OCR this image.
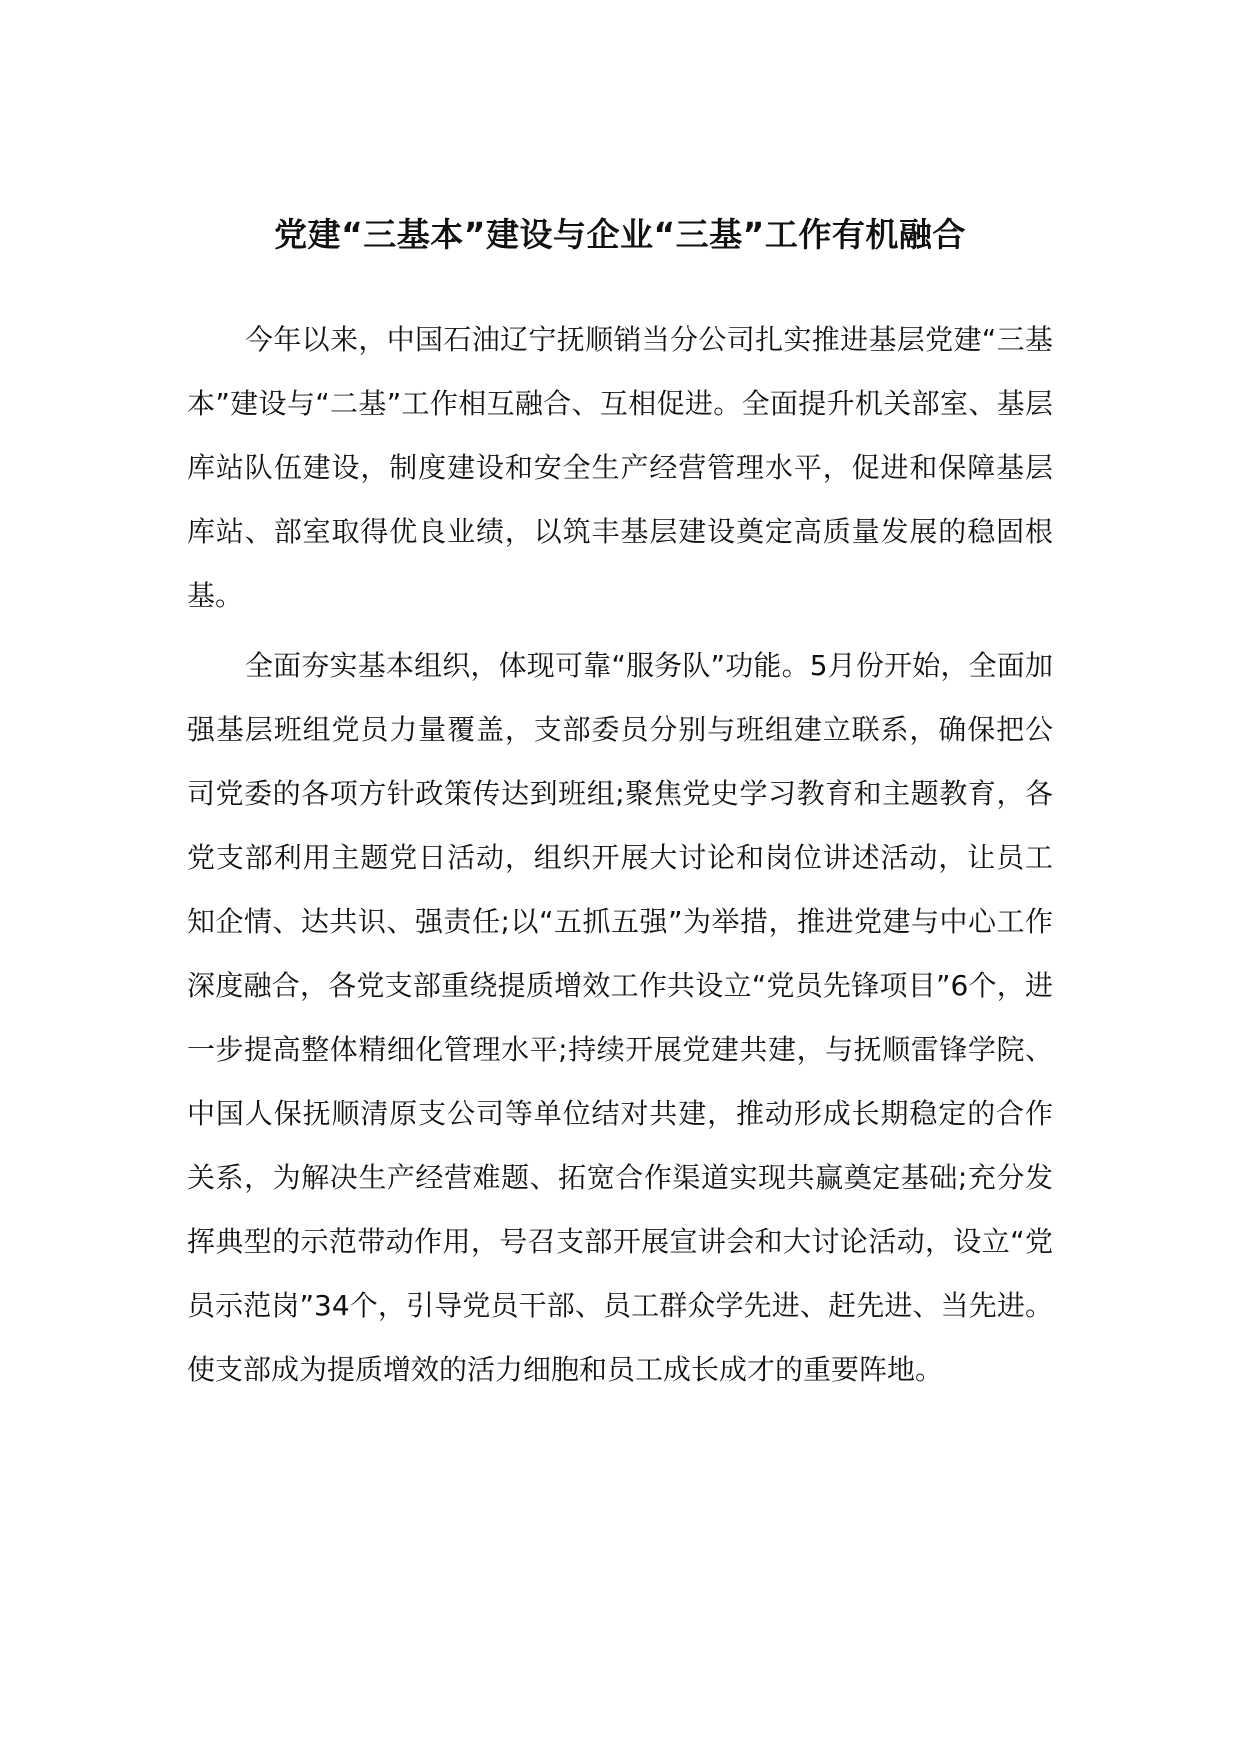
党建“三基本”建设与企业“三基”工作有机融合

今年以来，中国石油辽宁抚顺销当分公司扎实推进基层党建“三基本”建设与“二基”工作相互融合、互相促进。全面提升机关部室、基层库站队伍建设，制度建设和安全生产经营管理水平，促进和保障基层库站、部室取得优良业绩，以筑丰基层建设奠定高质量发展的稳固根基。

全面夯实基本组织，体现可靠“服务队”功能。5月份开始，全面加强基层班组党员力量覆盖，支部委员分别与班组建立联系，确保把公司党委的各项方针政策传达到班组;聚焦党史学习教育和主题教育，各党支部利用主题党日活动，组织开展大讨论和岗位讲述活动，让员工知企情、达共识、强责任;以“五抓五强”为举措，推进党建与中心工作深度融合，各党支部重绕提质增效工作共设立“党员先锋项目”6个，进一步提高整体精细化管理水平;持续开展党建共建，与抚顺雷锋学院、中国人保抚顺清原支公司等单位结对共建，推动形成长期稳定的合作关系，为解决生产经营难题、拓宽合作渠道实现共赢奠定基础;充分发挥典型的示范带动作用，号召支部开展宣讲会和大讨论活动，设立“党员示范岗”34个，引导党员干部、员工群众学先进、赶先进、当先进。使支部成为提质增效的活力细胞和员工成长成才的重要阵地。
